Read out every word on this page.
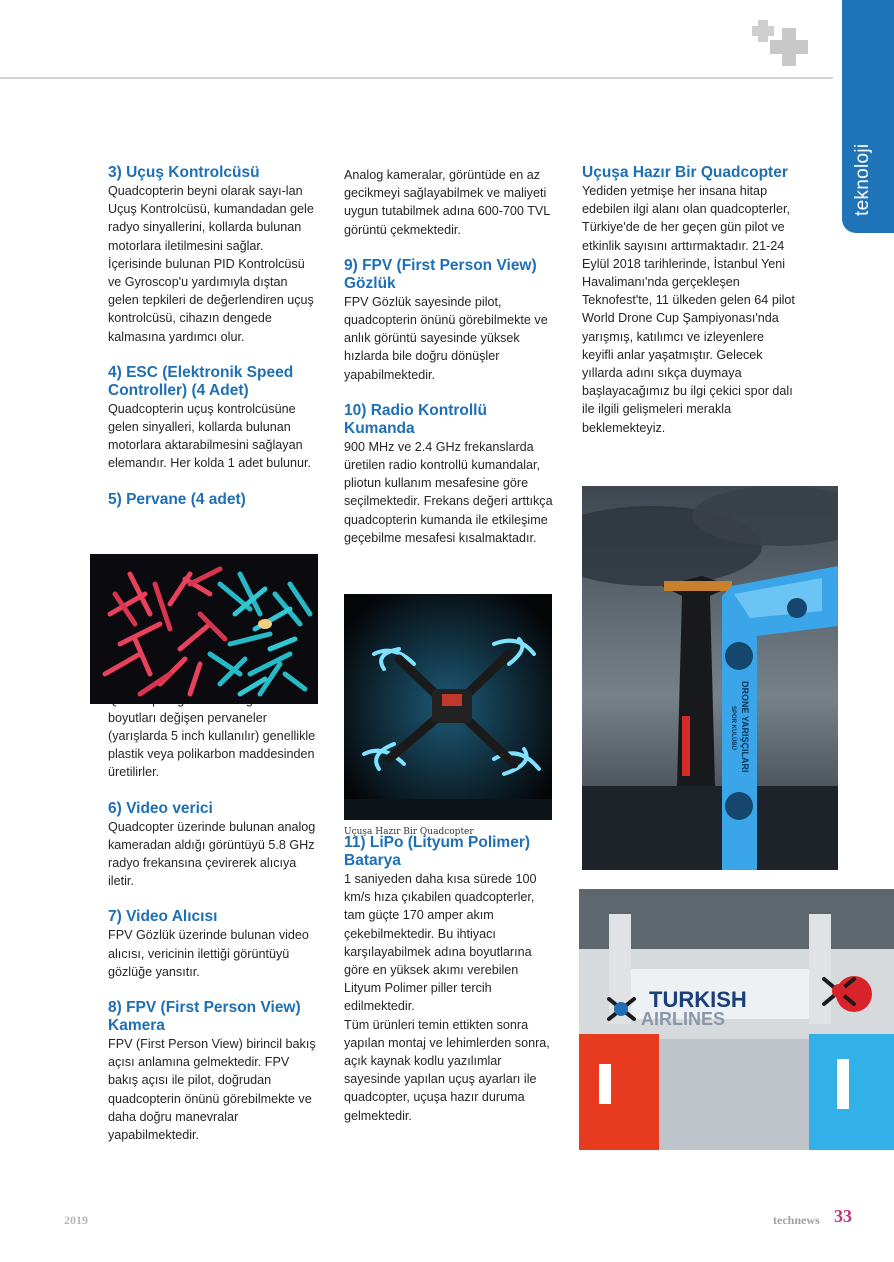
teknoloji
3) Uçuş Kontrolcüsü

Quadcopterin beyni olarak sayı-lan Uçuş Kontrolcüsü, kumandadan gele radyo sinyallerini, kollarda bulunan motorlara iletilmesini sağlar. İçerisinde bulunan PID Kontrolcüsü ve Gyroscop'u yardımıyla dıştan gelen tepkileri de değerlendiren uçuş kontrolcüsü, cihazın dengede kalmasına yardımcı olur.

4) ESC (Elektronik Speed Controller) (4 Adet)

Quadcopterin uçuş kontrolcüsüne gelen sinyalleri, kollarda bulunan motorlara aktarabilmesini sağlayan elemandır. Her kolda 1 adet bulunur.

5) Pervane (4 adet)

boyutları değişen pervaneler (yarışlarda 5 inch kullanılır) genellikle plastik veya polikarbon maddesinden üretilirler.

6) Video verici

Quadcopter üzerinde bulunan analog kameradan aldığı görüntüyü 5.8 GHz radyo frekansına çevirerek alıcıya iletir.

7) Video Alıcısı

FPV Gözlük üzerinde bulunan video alıcısı, vericinin ilettiği görüntüyü gözlüğe yansıtır.

8) FPV (First Person View) Kamera

FPV (First Person View) birincil bakış açısı anlamına gelmektedir. FPV bakış açısı ile pilot, doğrudan quadcopterin önünü görebilmekte ve daha doğru manevralar yapabilmektedir.

Analog kameralar, görüntüde en az gecikmeyi sağlayabilmek ve maliyeti uygun tutabilmek adına 600-700 TVL görüntü çekmektedir.

9) FPV (First Person View) Gözlük

FPV Gözlük sayesinde pilot, quadcopterin önünü görebilmekte ve anlık görüntü sayesinde yüksek hızlarda bile doğru dönüşler yapabilmektedir.

10) Radio Kontrollü Kumanda

900 MHz ve 2.4 GHz frekanslarda üretilen radio kontrollü kumandalar, pliotun kullanım mesafesine göre seçilmektedir. Frekans değeri arttıkça quadcopterin kumanda ile etkileşime geçebilme mesafesi kısalmaktadır.

11) LiPo (Lityum Polimer) Batarya

1 saniyeden daha kısa sürede 100 km/s hıza çıkabilen quadcopterler, tam güçte 170 amper akım çekebilmektedir. Bu ihtiyacı karşılayabilmek adına boyutlarına göre en yüksek akımı verebilen Lityum Polimer piller tercih edilmektedir.

Tüm ürünleri temin ettikten sonra yapılan montaj ve lehimlerden sonra, açık kaynak kodlu yazılımlar sayesinde yapılan uçuş ayarları ile quadcopter, uçuşa hazır duruma gelmektedir.

Uçuşa Hazır Bir Quadcopter
Uçuşa Hazır Bir Quadcopter

Yediden yetmişe her insana hitap edebilen ilgi alanı olan quadcopterler, Türkiye'de de her geçen gün pilot ve etkinlik sayısını arttırmaktadır. 21-24 Eylül 2018 tarihlerinde, İstanbul Yeni Havalimanı'nda gerçekleşen Teknofest'te, 11 ülkeden gelen 64 pilot World Drone Cup Şampiyonası'nda yarışmış, katılımcı ve izleyenlere keyifli anlar yaşatmıştır. Gelecek yıllarda adını sıkça duymaya başlayacağımız bu ilgi çekici spor dalı ile ilgili gelişmeleri merakla beklemekteyiz.

DRONE YARIŞÇILARI
SPOR KULÜBÜ
TURKISH
AIRLINES
2019	technews 33
